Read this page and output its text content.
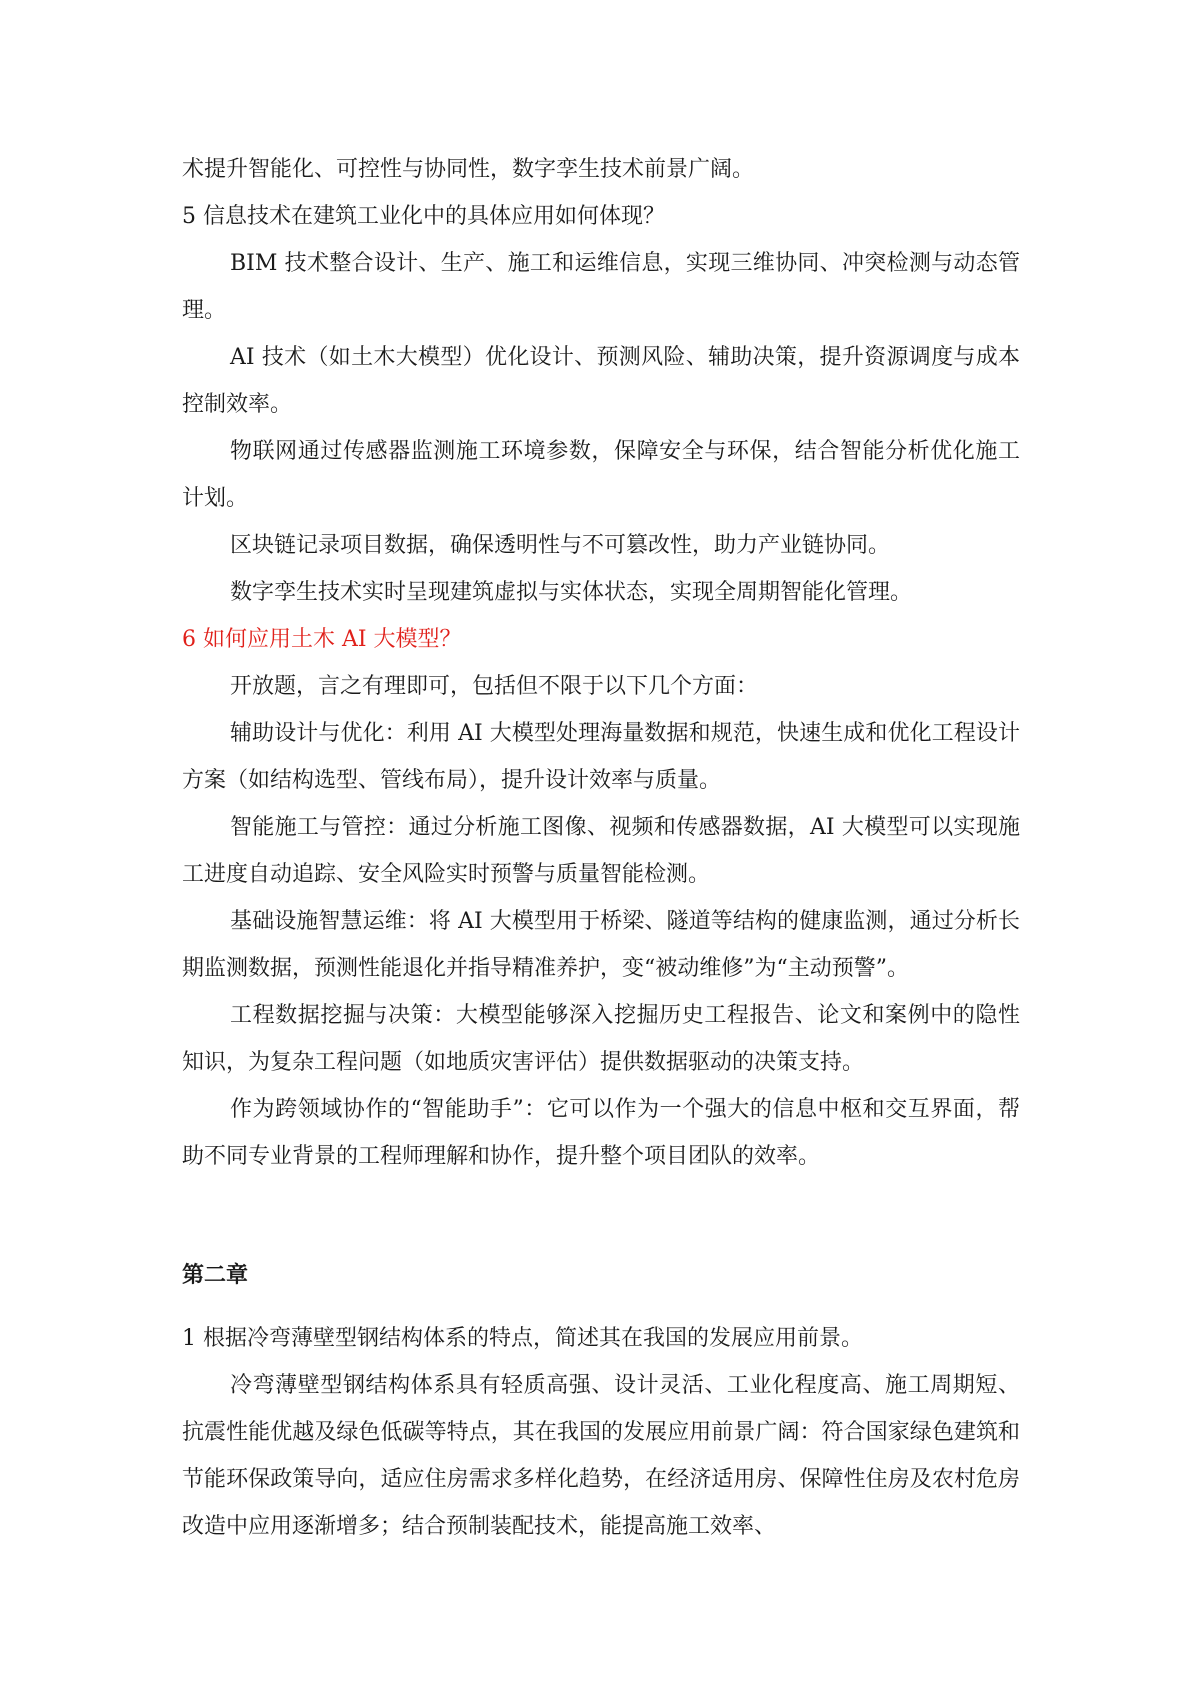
术提升智能化、可控性与协同性，数字孪生技术前景广阔。

5 信息技术在建筑工业化中的具体应用如何体现？

BIM 技术整合设计、生产、施工和运维信息，实现三维协同、冲突检测与动态管理。

AI 技术（如土木大模型）优化设计、预测风险、辅助决策，提升资源调度与成本控制效率。

物联网通过传感器监测施工环境参数，保障安全与环保，结合智能分析优化施工计划。

区块链记录项目数据，确保透明性与不可篡改性，助力产业链协同。

数字孪生技术实时呈现建筑虚拟与实体状态，实现全周期智能化管理。

6 如何应用土木 AI 大模型？

开放题，言之有理即可，包括但不限于以下几个方面：

辅助设计与优化：利用 AI 大模型处理海量数据和规范，快速生成和优化工程设计方案（如结构选型、管线布局），提升设计效率与质量。

智能施工与管控：通过分析施工图像、视频和传感器数据，AI 大模型可以实现施工进度自动追踪、安全风险实时预警与质量智能检测。

基础设施智慧运维：将 AI 大模型用于桥梁、隧道等结构的健康监测，通过分析长期监测数据，预测性能退化并指导精准养护，变“被动维修”为“主动预警”。

工程数据挖掘与决策：大模型能够深入挖掘历史工程报告、论文和案例中的隐性知识，为复杂工程问题（如地质灾害评估）提供数据驱动的决策支持。

作为跨领域协作的“智能助手”：它可以作为一个强大的信息中枢和交互界面，帮助不同专业背景的工程师理解和协作，提升整个项目团队的效率。

第二章

1 根据冷弯薄壁型钢结构体系的特点，简述其在我国的发展应用前景。

冷弯薄壁型钢结构体系具有轻质高强、设计灵活、工业化程度高、施工周期短、抗震性能优越及绿色低碳等特点，其在我国的发展应用前景广阔：符合国家绿色建筑和节能环保政策导向，适应住房需求多样化趋势，在经济适用房、保障性住房及农村危房改造中应用逐渐增多；结合预制装配技术，能提高施工效率、
